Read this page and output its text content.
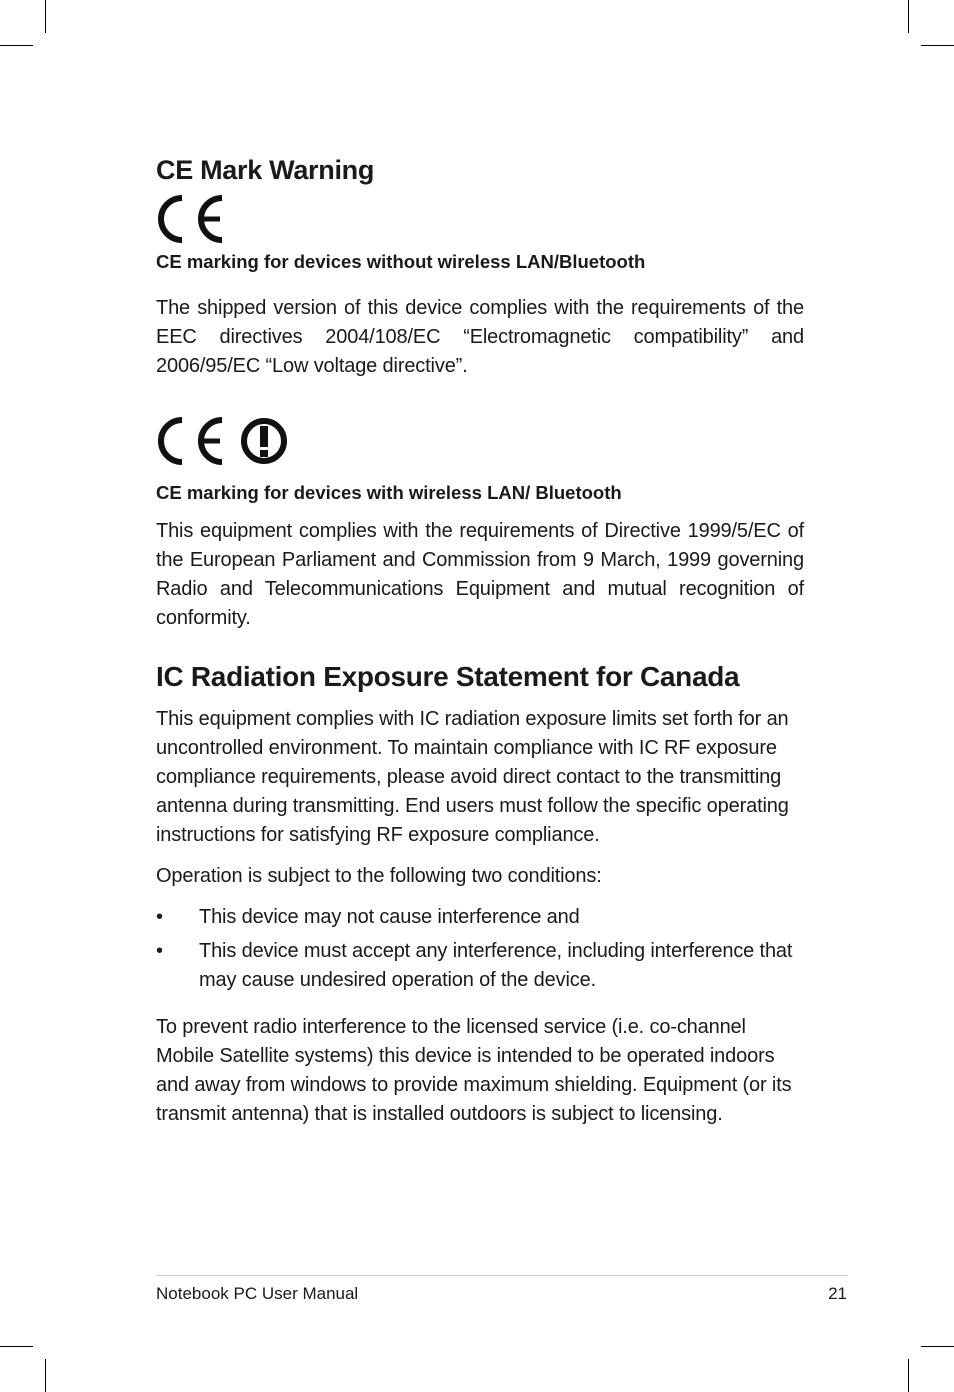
CE Mark Warning
CE marking for devices without wireless LAN/Bluetooth

The shipped version of this device complies with the requirements of the EEC directives 2004/108/EC “Electromagnetic compatibility” and 2006/95/EC “Low voltage directive”.

CE marking for devices with wireless LAN/ Bluetooth

This equipment complies with the requirements of Directive 1999/5/EC of the European Parliament and Commission from 9 March, 1999 governing Radio and Telecommunications Equipment and mutual recognition of conformity.

IC Radiation Exposure Statement for Canada

This equipment complies with IC radiation exposure limits set forth for an uncontrolled environment. To maintain compliance with IC RF exposure compliance requirements, please avoid direct contact to the transmitting antenna during transmitting. End users must follow the specific operating instructions for satisfying RF exposure compliance.

Operation is subject to the following two conditions:

• This device may not cause interference and
• This device must accept any interference, including interference that may cause undesired operation of the device.

To prevent radio interference to the licensed service (i.e. co-channel Mobile Satellite systems) this device is intended to be operated indoors and away from windows to provide maximum shielding. Equipment (or its transmit antenna) that is installed outdoors is subject to licensing.

Notebook PC User Manual	21
